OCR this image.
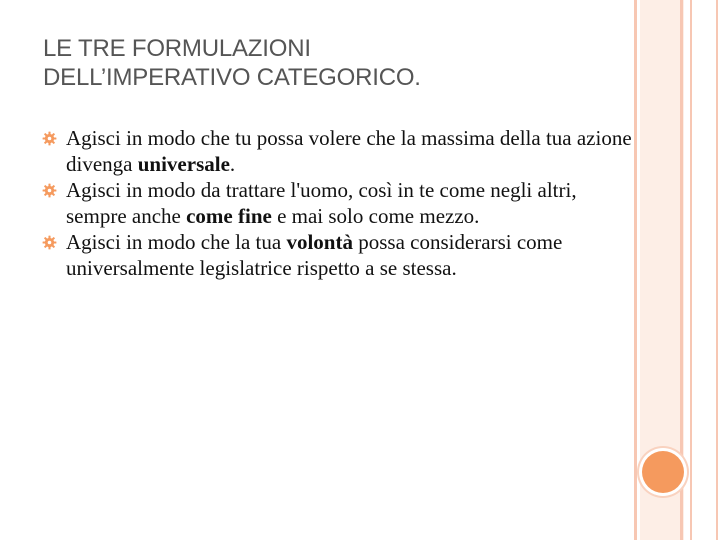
LE TRE FORMULAZIONI
DELL’IMPERATIVO CATEGORICO.
Agisci in modo che tu possa volere che la massima della tua azione divenga universale.
Agisci in modo da trattare l'uomo, così in te come negli altri, sempre anche come fine e mai solo come mezzo.
Agisci in modo che la tua volontà possa considerarsi come universalmente legislatrice rispetto a se stessa.
